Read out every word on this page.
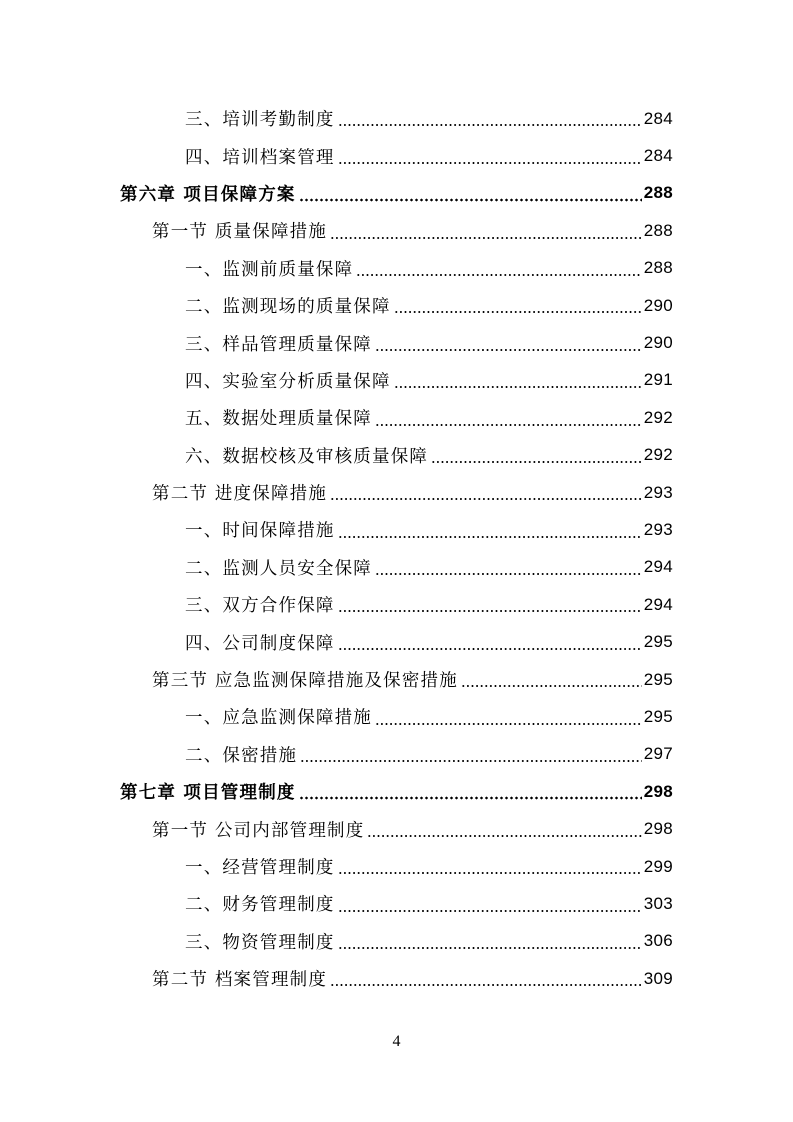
三、培训考勤制度	284
四、培训档案管理	284
第六章 项目保障方案	288
第一节 质量保障措施	288
一、监测前质量保障	288
二、监测现场的质量保障	290
三、样品管理质量保障	290
四、实验室分析质量保障	291
五、数据处理质量保障	292
六、数据校核及审核质量保障	292
第二节 进度保障措施	293
一、时间保障措施	293
二、监测人员安全保障	294
三、双方合作保障	294
四、公司制度保障	295
第三节 应急监测保障措施及保密措施	295
一、应急监测保障措施	295
二、保密措施	297
第七章 项目管理制度	298
第一节 公司内部管理制度	298
一、经营管理制度	299
二、财务管理制度	303
三、物资管理制度	306
第二节 档案管理制度	309
4
